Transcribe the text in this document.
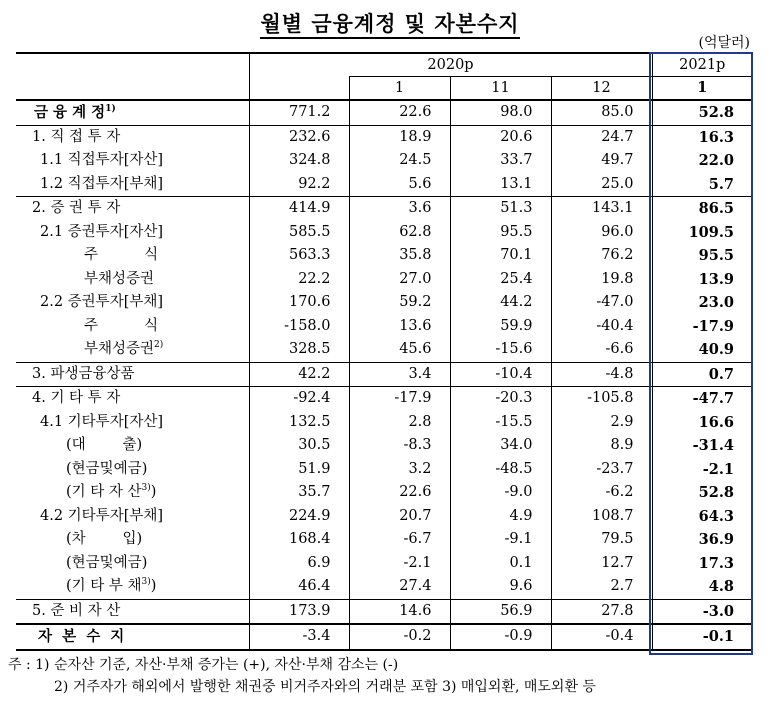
월별 금융계정 및 자본수지
(억달러)
	2020p				2021p
		1	11	12	1
금 융 계 정$^{1)}$	771.2	22.6	98.0	85.0	52.8
1. 직 접 투 자	232.6	18.9	20.6	24.7	16.3
1.1 직접투자[자산]	324.8	24.5	33.7	49.7	22.0
1.2 직접투자[부채]	92.2	5.6	13.1	25.0	5.7
2. 증 권 투 자	414.9	3.6	51.3	143.1	86.5
2.1 증권투자[자산]	585.5	62.8	95.5	96.0	109.5
주          식	563.3	35.8	70.1	76.2	95.5
부채성증권	22.2	27.0	25.4	19.8	13.9
2.2 증권투자[부채]	170.6	59.2	44.2	-47.0	23.0
주          식	-158.0	13.6	59.9	-40.4	-17.9
부채성증권$^{2)}$	328.5	45.6	-15.6	-6.6	40.9
3. 파생금융상품	42.2	3.4	-10.4	-4.8	0.7
4. 기 타 투 자	-92.4	-17.9	-20.3	-105.8	-47.7
4.1 기타투자[자산]	132.5	2.8	-15.5	2.9	16.6
(대        출)	30.5	-8.3	34.0	8.9	-31.4
(현금및예금)	51.9	3.2	-48.5	-23.7	-2.1
(기 타 자 산$^{3)}$)	35.7	22.6	-9.0	-6.2	52.8
4.2 기타투자[부채]	224.9	20.7	4.9	108.7	64.3
(차        입)	168.4	-6.7	-9.1	79.5	36.9
(현금및예금)	6.9	-2.1	0.1	12.7	17.3
(기 타 부 채$^{3)}$)	46.4	27.4	9.6	2.7	4.8
5. 준 비 자 산	173.9	14.6	56.9	27.8	-3.0
자  본  수  지	-3.4	-0.2	-0.9	-0.4	-0.1
주 : 1) 순자산 기준, 자산·부채 증가는 (+), 자산·부채 감소는 (-)
2) 거주자가 해외에서 발행한 채권중 비거주자와의 거래분 포함 3) 매입외환, 매도외환 등
